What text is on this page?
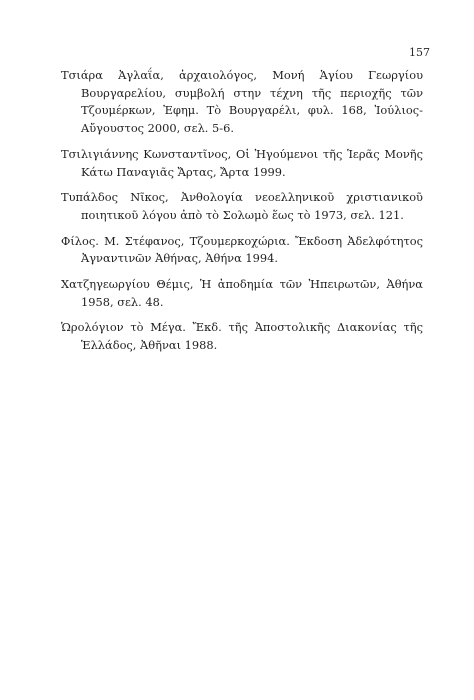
157
Τσιάρα Ἀγλαΐα, ἀρχαιολόγος, Μονή Ἁγίου Γεωργίου Βουργαρελίου, συμβολή στην τέχνη τῆς περιοχῆς τῶν Τζουμέρκων, Ἐφημ. Τὸ Βουργαρέλι, φυλ. 168, Ἰούλιος-Αὔγουστος 2000, σελ. 5-6.
Τσιλιγιάννης Κωνσταντῖνος, Οἱ Ἡγούμενοι τῆς Ἱερᾶς Μονῆς Κάτω Παναγιᾶς Ἄρτας, Ἄρτα 1999.
Τυπάλδος Νῖκος, Ἀνθολογία νεοελληνικοῦ χριστιανικοῦ ποιητικοῦ λόγου ἀπὸ τὸ Σολωμὸ ἕως τὸ 1973, σελ. 121.
Φίλος. Μ. Στέφανος, Τζουμερκοχώρια. Ἔκδοση Ἀδελφότητος Ἀγναντινῶν Ἀθήνας, Ἀθήνα 1994.
Χατζηγεωργίου Θέμις, Ἡ ἀποδημία τῶν Ἠπειρωτῶν, Ἀθήνα 1958, σελ. 48.
Ὡρολόγιον τὸ Μέγα. Ἔκδ. τῆς Ἀποστολικῆς Διακονίας τῆς Ἑλλάδος, Ἀθῆναι 1988.
